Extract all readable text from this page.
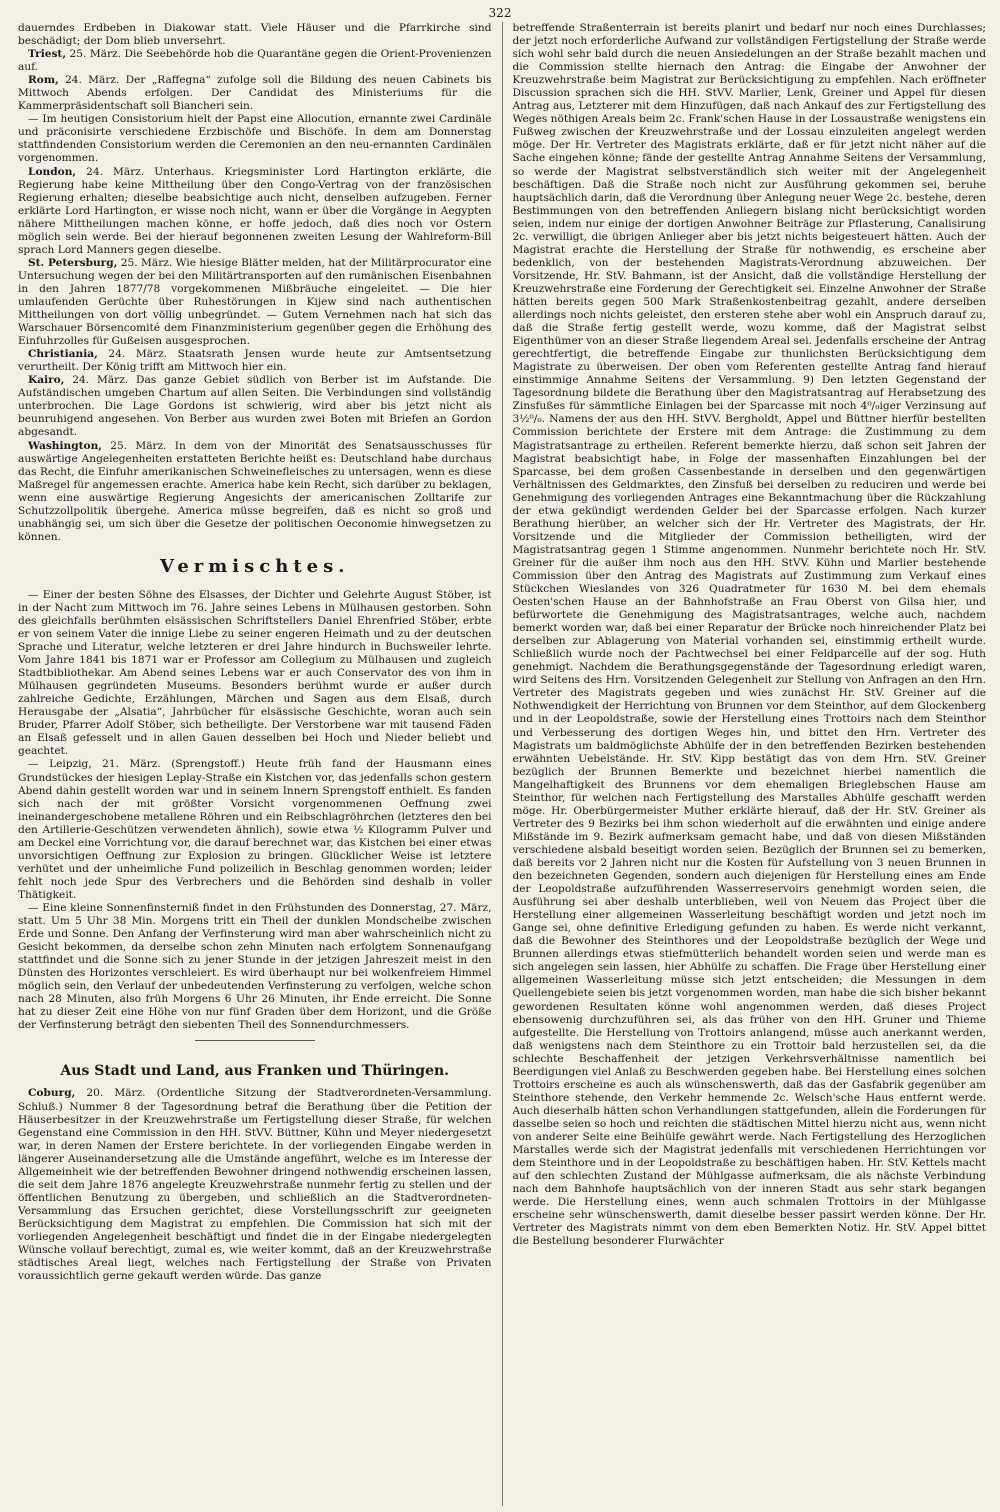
322

dauerndes Erdbeben in Diakowar statt. Viele Häuser und die Pfarrkirche sind beschädigt; der Dom blieb unversehrt.

Triest, 25. März. Die Seebehörde hob die Quarantäne gegen die Orient-Provenienzen auf.

Rom, 24. März. Der „Raffegna“ zufolge soll die Bildung des neuen Cabinets bis Mittwoch Abends erfolgen. Der Candidat des Ministeriums für die Kammerpräsidentschaft soll Biancheri sein.

— Im heutigen Consistorium hielt der Papst eine Allocution, ernannte zwei Cardinäle und präconisirte verschiedene Erzbischöfe und Bischöfe. In dem am Donnerstag stattfindenden Consistorium werden die Ceremonien an den neu-ernannten Cardinälen vorgenommen.

London, 24. März. Unterhaus. Kriegsminister Lord Hartington erklärte, die Regierung habe keine Mittheilung über den Congo-Vertrag von der französischen Regierung erhalten; dieselbe beabsichtige auch nicht, denselben aufzugeben. Ferner erklärte Lord Hartington, er wisse noch nicht, wann er über die Vorgänge in Aegypten nähere Mittheilungen machen könne, er hoffe jedoch, daß dies noch vor Ostern möglich sein werde. Bei der hierauf begonnenen zweiten Lesung der Wahlreform-Bill sprach Lord Manners gegen dieselbe.

St. Petersburg, 25. März. Wie hiesige Blätter melden, hat der Militärprocurator eine Untersuchung wegen der bei den Militärtransporten auf den rumänischen Eisenbahnen in den Jahren 1877/78 vorgekommenen Mißbräuche eingeleitet. — Die hier umlaufenden Gerüchte über Ruhestörungen in Kijew sind nach authentischen Mittheilungen von dort völlig unbegründet. — Gutem Vernehmen nach hat sich das Warschauer Börsencomité dem Finanzministerium gegenüber gegen die Erhöhung des Einfuhrzolles für Gußeisen ausgesprochen.

Christiania, 24. März. Staatsrath Jensen wurde heute zur Amtsentsetzung verurtheilt. Der König trifft am Mittwoch hier ein.

Kairo, 24. März. Das ganze Gebiet südlich von Berber ist im Aufstande. Die Aufständischen umgeben Chartum auf allen Seiten. Die Verbindungen sind vollständig unterbrochen. Die Lage Gordons ist schwierig, wird aber bis jetzt nicht als beunruhigend angesehen. Von Berber aus wurden zwei Boten mit Briefen an Gordon abgesandt.

Washington, 25. März. In dem von der Minorität des Senatsausschusses für auswärtige Angelegenheiten erstatteten Berichte heißt es: Deutschland habe durchaus das Recht, die Einfuhr amerikanischen Schweinefleisches zu untersagen, wenn es diese Maßregel für angemessen erachte. America habe kein Recht, sich darüber zu beklagen, wenn eine auswärtige Regierung Angesichts der americanischen Zolltarife zur Schutzzollpolitik übergehe. America müsse begreifen, daß es nicht so groß und unabhängig sei, um sich über die Gesetze der politischen Oeconomie hinwegsetzen zu können.

Vermischtes.

— Einer der besten Söhne des Elsasses, der Dichter und Gelehrte August Stöber, ist in der Nacht zum Mittwoch im 76. Jahre seines Lebens in Mülhausen gestorben. Sohn des gleichfalls berühmten elsässischen Schriftstellers Daniel Ehrenfried Stöber, erbte er von seinem Vater die innige Liebe zu seiner engeren Heimath und zu der deutschen Sprache und Literatur, welche letzteren er drei Jahre hindurch in Buchsweiler lehrte. Vom Jahre 1841 bis 1871 war er Professor am Collegium zu Mülhausen und zugleich Stadtbibliothekar. Am Abend seines Lebens war er auch Conservator des von ihm in Mülhausen gegründeten Museums. Besonders berühmt wurde er außer durch zahlreiche Gedichte, Erzählungen, Märchen und Sagen aus dem Elsaß, durch Herausgabe der „Alsatia“, Jahrbücher für elsässische Geschichte, woran auch sein Bruder, Pfarrer Adolf Stöber, sich betheiligte. Der Verstorbene war mit tausend Fäden an Elsaß gefesselt und in allen Gauen desselben bei Hoch und Nieder beliebt und geachtet.

— Leipzig, 21. März. (Sprengstoff.) Heute früh fand der Hausmann eines Grundstückes der hiesigen Leplay-Straße ein Kistchen vor, das jedenfalls schon gestern Abend dahin gestellt worden war und in seinem Innern Sprengstoff enthielt. Es fanden sich nach der mit größter Vorsicht vorgenommenen Oeffnung zwei ineinandergeschobene metallene Röhren und ein Reibschlagröhrchen (letzteres den bei den Artillerie-Geschützen verwendeten ähnlich), sowie etwa ½ Kilogramm Pulver und am Deckel eine Vorrichtung vor, die darauf berechnet war, das Kistchen bei einer etwas unvorsichtigen Oeffnung zur Explosion zu bringen. Glücklicher Weise ist letztere verhütet und der unheimliche Fund polizeilich in Beschlag genommen worden; leider fehlt noch jede Spur des Verbrechers und die Behörden sind deshalb in voller Thätigkeit.

— Eine kleine Sonnenfinsterniß findet in den Frühstunden des Donnerstag, 27. März, statt. Um 5 Uhr 38 Min. Morgens tritt ein Theil der dunklen Mondscheibe zwischen Erde und Sonne. Den Anfang der Verfinsterung wird man aber wahrscheinlich nicht zu Gesicht bekommen, da derselbe schon zehn Minuten nach erfolgtem Sonnenaufgang stattfindet und die Sonne sich zu jener Stunde in der jetzigen Jahreszeit meist in den Dünsten des Horizontes verschleiert. Es wird überhaupt nur bei wolkenfreiem Himmel möglich sein, den Verlauf der unbedeutenden Verfinsterung zu verfolgen, welche schon nach 28 Minuten, also früh Morgens 6 Uhr 26 Minuten, ihr Ende erreicht. Die Sonne hat zu dieser Zeit eine Höhe von nur fünf Graden über dem Horizont, und die Größe der Verfinsterung beträgt den siebenten Theil des Sonnendurchmessers.

Aus Stadt und Land, aus Franken und Thüringen.

Coburg, 20. März. (Ordentliche Sitzung der Stadtverordneten-Versammlung. Schluß.) Nummer 8 der Tagesordnung betraf die Berathung über die Petition der Häuserbesitzer in der Kreuzwehrstraße um Fertigstellung dieser Straße, für welchen Gegenstand eine Commission in den HH. StVV. Büttner, Kühn und Meyer niedergesetzt war, in deren Namen der Erstere berichtete. In der vorliegenden Eingabe werden in längerer Auseinandersetzung alle die Umstände angeführt, welche es im Interesse der Allgemeinheit wie der betreffenden Bewohner dringend nothwendig erscheinen lassen, die seit dem Jahre 1876 angelegte Kreuzwehrstraße nunmehr fertig zu stellen und der öffentlichen Benutzung zu übergeben, und schließlich an die Stadtverordneten-Versammlung das Ersuchen gerichtet, diese Vorstellungsschrift zur geeigneten Berücksichtigung dem Magistrat zu empfehlen. Die Commission hat sich mit der vorliegenden Angelegenheit beschäftigt und findet die in der Eingabe niedergelegten Wünsche vollauf berechtigt, zumal es, wie weiter kommt, daß an der Kreuzwehrstraße städtisches Areal liegt, welches nach Fertigstellung der Straße von Privaten voraussichtlich gerne gekauft werden würde. Das ganze

betreffende Straßenterrain ist bereits planirt und bedarf nur noch eines Durchlasses; der jetzt noch erforderliche Aufwand zur vollständigen Fertigstellung der Straße werde sich wohl sehr bald durch die neuen Ansiedelungen an der Straße bezahlt machen und die Commission stellte hiernach den Antrag: die Eingabe der Anwohner der Kreuzwehrstraße beim Magistrat zur Berücksichtigung zu empfehlen. Nach eröffneter Discussion sprachen sich die HH. StVV. Marlier, Lenk, Greiner und Appel für diesen Antrag aus, Letzterer mit dem Hinzufügen, daß nach Ankauf des zur Fertigstellung des Weges nöthigen Areals beim 2c. Frank'schen Hause in der Lossaustraße wenigstens ein Fußweg zwischen der Kreuzwehrstraße und der Lossau einzuleiten angelegt werden möge. Der Hr. Vertreter des Magistrats erklärte, daß er für jetzt nicht näher auf die Sache eingehen könne; fände der gestellte Antrag Annahme Seitens der Versammlung, so werde der Magistrat selbstverständlich sich weiter mit der Angelegenheit beschäftigen. Daß die Straße noch nicht zur Ausführung gekommen sei, beruhe hauptsächlich darin, daß die Verordnung über Anlegung neuer Wege 2c. bestehe, deren Bestimmungen von den betreffenden Anliegern bislang nicht berücksichtigt worden seien, indem nur einige der dortigen Anwohner Beiträge zur Pflasterung, Canalisirung 2c. verwilligt, die übrigen Anlieger aber bis jetzt nichts beigesteuert hätten. Auch der Magistrat erachte die Herstellung der Straße für nothwendig, es erscheine aber bedenklich, von der bestehenden Magistrats-Verordnung abzuweichen. Der Vorsitzende, Hr. StV. Bahmann, ist der Ansicht, daß die vollständige Herstellung der Kreuzwehrstraße eine Forderung der Gerechtigkeit sei. Einzelne Anwohner der Straße hätten bereits gegen 500 Mark Straßenkostenbeitrag gezahlt, andere derselben allerdings noch nichts geleistet, den ersteren stehe aber wohl ein Anspruch darauf zu, daß die Straße fertig gestellt werde, wozu komme, daß der Magistrat selbst Eigenthümer von an dieser Straße liegendem Areal sei. Jedenfalls erscheine der Antrag gerechtfertigt, die betreffende Eingabe zur thunlichsten Berücksichtigung dem Magistrate zu überweisen. Der oben vom Referenten gestellte Antrag fand hierauf einstimmige Annahme Seitens der Versammlung. 9) Den letzten Gegenstand der Tagesordnung bildete die Berathung über den Magistratsantrag auf Herabsetzung des Zinsfußes für sämmtliche Einlagen bei der Sparcasse mit noch 4⁰/₀iger Verzinsung auf 3½⁰/₀. Namens der aus den HH. StVV. Bergholdt, Appel und Büttner hierfür bestellten Commission berichtete der Erstere mit dem Antrage: die Zustimmung zu dem Magistratsantrage zu ertheilen. Referent bemerkte hierzu, daß schon seit Jahren der Magistrat beabsichtigt habe, in Folge der massenhaften Einzahlungen bei der Sparcasse, bei dem großen Cassenbestande in derselben und den gegenwärtigen Verhältnissen des Geldmarktes, den Zinsfuß bei derselben zu reduciren und werde bei Genehmigung des vorliegenden Antrages eine Bekanntmachung über die Rückzahlung der etwa gekündigt werdenden Gelder bei der Sparcasse erfolgen. Nach kurzer Berathung hierüber, an welcher sich der Hr. Vertreter des Magistrats, der Hr. Vorsitzende und die Mitglieder der Commission betheiligten, wird der Magistratsantrag gegen 1 Stimme angenommen. Nunmehr berichtete noch Hr. StV. Greiner für die außer ihm noch aus den HH. StVV. Kühn und Marlier bestehende Commission über den Antrag des Magistrats auf Zustimmung zum Verkauf eines Stückchen Wieslandes von 326 Quadratmeter für 1630 M. bei dem ehemals Oesten'schen Hause an der Bahnhofstraße an Frau Oberst von Gilsa hier, und befürwortete die Genehmigung des Magistratsantrages, welche auch, nachdem bemerkt worden war, daß bei einer Reparatur der Brücke noch hinreichender Platz bei derselben zur Ablagerung von Material vorhanden sei, einstimmig ertheilt wurde. Schließlich wurde noch der Pachtwechsel bei einer Feldparcelle auf der sog. Huth genehmigt. Nachdem die Berathungsgegenstände der Tagesordnung erledigt waren, wird Seitens des Hrn. Vorsitzenden Gelegenheit zur Stellung von Anfragen an den Hrn. Vertreter des Magistrats gegeben und wies zunächst Hr. StV. Greiner auf die Nothwendigkeit der Herrichtung von Brunnen vor dem Steinthor, auf dem Glockenberg und in der Leopoldstraße, sowie der Herstellung eines Trottoirs nach dem Steinthor und Verbesserung des dortigen Weges hin, und bittet den Hrn. Vertreter des Magistrats um baldmöglichste Abhülfe der in den betreffenden Bezirken bestehenden erwähnten Uebelstände. Hr. StV. Kipp bestätigt das von dem Hrn. StV. Greiner bezüglich der Brunnen Bemerkte und bezeichnet hierbei namentlich die Mangelhaftigkeit des Brunnens vor dem ehemaligen Brieglebschen Hause am Steinthor, für welchen nach Fertigstellung des Marstalles Abhülfe geschafft werden möge. Hr. Oberbürgermeister Muther erklärte hierauf, daß der Hr. StV. Greiner als Vertreter des 9 Bezirks bei ihm schon wiederholt auf die erwähnten und einige andere Mißstände im 9. Bezirk aufmerksam gemacht habe, und daß von diesen Mißständen verschiedene alsbald beseitigt worden seien. Bezüglich der Brunnen sei zu bemerken, daß bereits vor 2 Jahren nicht nur die Kosten für Aufstellung von 3 neuen Brunnen in den bezeichneten Gegenden, sondern auch diejenigen für Herstellung eines am Ende der Leopoldstraße aufzuführenden Wasserreservoirs genehmigt worden seien, die Ausführung sei aber deshalb unterblieben, weil von Neuem das Project über die Herstellung einer allgemeinen Wasserleitung beschäftigt worden und jetzt noch im Gange sei, ohne definitive Erledigung gefunden zu haben. Es werde nicht verkannt, daß die Bewohner des Steinthores und der Leopoldstraße bezüglich der Wege und Brunnen allerdings etwas stiefmütterlich behandelt worden seien und werde man es sich angelegen sein lassen, hier Abhülfe zu schaffen. Die Frage über Herstellung einer allgemeinen Wasserleitung müsse sich jetzt entscheiden; die Messungen in dem Quellengebiete seien bis jetzt vorgenommen worden, man habe die sich bisher bekannt gewordenen Resultaten könne wohl angenommen werden, daß dieses Project ebensowenig durchzuführen sei, als das früher von den HH. Gruner und Thieme aufgestellte. Die Herstellung von Trottoirs anlangend, müsse auch anerkannt werden, daß wenigstens nach dem Steinthore zu ein Trottoir bald herzustellen sei, da die schlechte Beschaffenheit der jetzigen Verkehrsverhältnisse namentlich bei Beerdigungen viel Anlaß zu Beschwerden gegeben habe. Bei Herstellung eines solchen Trottoirs erscheine es auch als wünschenswerth, daß das der Gasfabrik gegenüber am Steinthore stehende, den Verkehr hemmende 2c. Welsch'sche Haus entfernt werde. Auch dieserhalb hätten schon Verhandlungen stattgefunden, allein die Forderungen für dasselbe seien so hoch und reichten die städtischen Mittel hierzu nicht aus, wenn nicht von anderer Seite eine Beihülfe gewährt werde. Nach Fertigstellung des Herzoglichen Marstalles werde sich der Magistrat jedenfalls mit verschiedenen Herrichtungen vor dem Steinthore und in der Leopoldstraße zu beschäftigen haben. Hr. StV. Kettels macht auf den schlechten Zustand der Mühlgasse aufmerksam, die als nächste Verbindung nach dem Bahnhofe hauptsächlich von der inneren Stadt aus sehr stark begangen werde. Die Herstellung eines, wenn auch schmalen Trottoirs in der Mühlgasse erscheine sehr wünschenswerth, damit dieselbe besser passirt werden könne. Der Hr. Vertreter des Magistrats nimmt von dem eben Bemerkten Notiz. Hr. StV. Appel bittet die Bestellung besonderer Flurwächter
